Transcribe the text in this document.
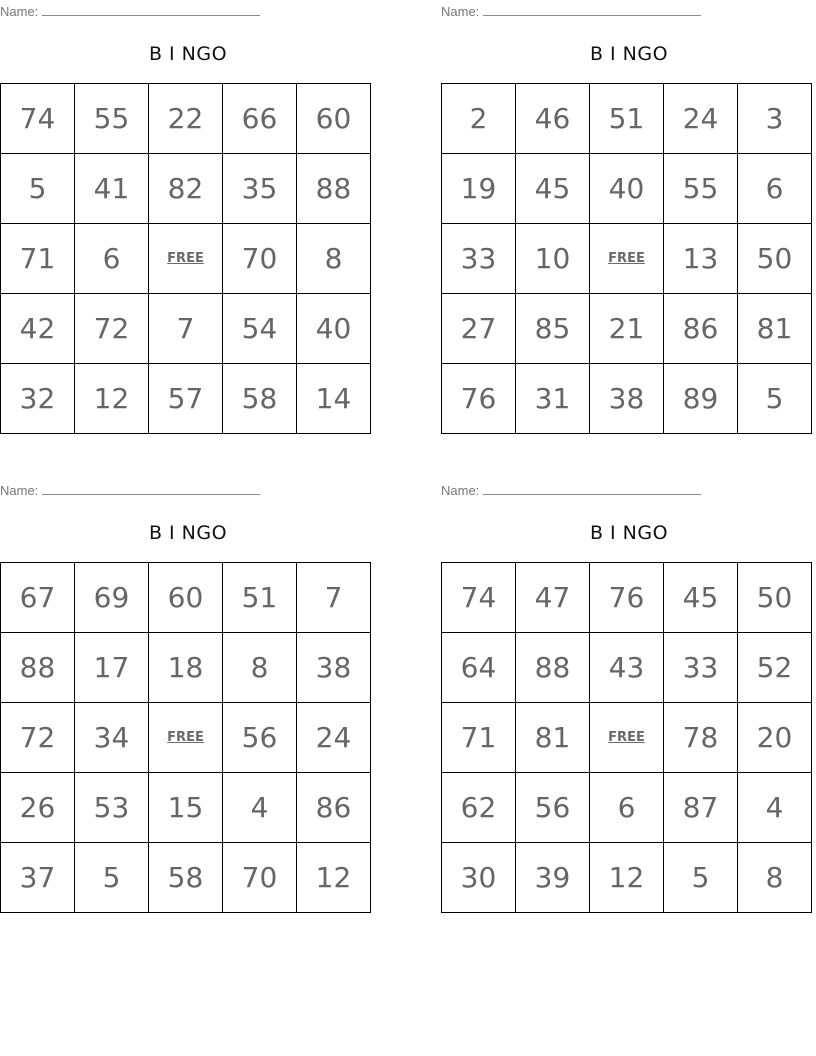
Name:
B I NGO
74	55	22	66	60
5	41	82	35	88
71	6	FREE	70	8
42	72	7	54	40
32	12	57	58	14
Name:
B I NGO
2	46	51	24	3
19	45	40	55	6
33	10	FREE	13	50
27	85	21	86	81
76	31	38	89	5
Name:
B I NGO
67	69	60	51	7
88	17	18	8	38
72	34	FREE	56	24
26	53	15	4	86
37	5	58	70	12
Name:
B I NGO
74	47	76	45	50
64	88	43	33	52
71	81	FREE	78	20
62	56	6	87	4
30	39	12	5	8
